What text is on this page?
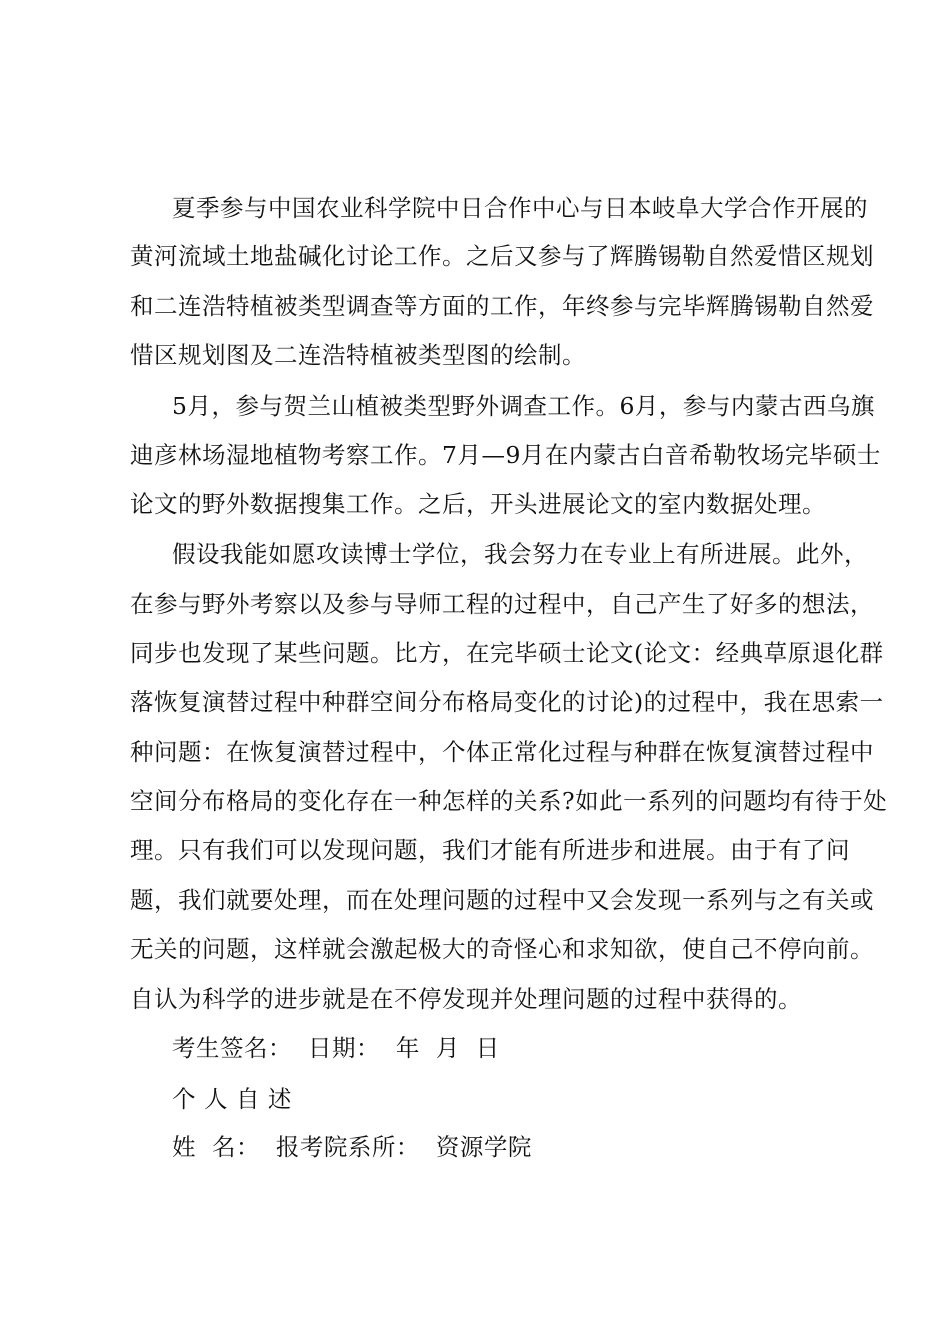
夏季参与中国农业科学院中日合作中心与日本岐阜大学合作开展的
黄河流域土地盐碱化讨论工作。之后又参与了辉腾锡勒自然爱惜区规划
和二连浩特植被类型调查等方面的工作，年终参与完毕辉腾锡勒自然爱
惜区规划图及二连浩特植被类型图的绘制。
5月，参与贺兰山植被类型野外调查工作。6月，参与内蒙古西乌旗
迪彦林场湿地植物考察工作。7月—9月在内蒙古白音希勒牧场完毕硕士
论文的野外数据搜集工作。之后，开头进展论文的室内数据处理。
假设我能如愿攻读博士学位，我会努力在专业上有所进展。此外，
在参与野外考察以及参与导师工程的过程中，自己产生了好多的想法，
同步也发现了某些问题。比方，在完毕硕士论文(论文：经典草原退化群
落恢复演替过程中种群空间分布格局变化的讨论)的过程中，我在思索一
种问题：在恢复演替过程中，个体正常化过程与种群在恢复演替过程中
空间分布格局的变化存在一种怎样的关系?如此一系列的问题均有待于处
理。只有我们可以发现问题，我们才能有所进步和进展。由于有了问
题，我们就要处理，而在处理问题的过程中又会发现一系列与之有关或
无关的问题，这样就会激起极大的奇怪心和求知欲，使自己不停向前。
自认为科学的进步就是在不停发现并处理问题的过程中获得的。
考生签名：  日期：  年  月  日
个 人 自 述
姓  名：  报考院系所：  资源学院
